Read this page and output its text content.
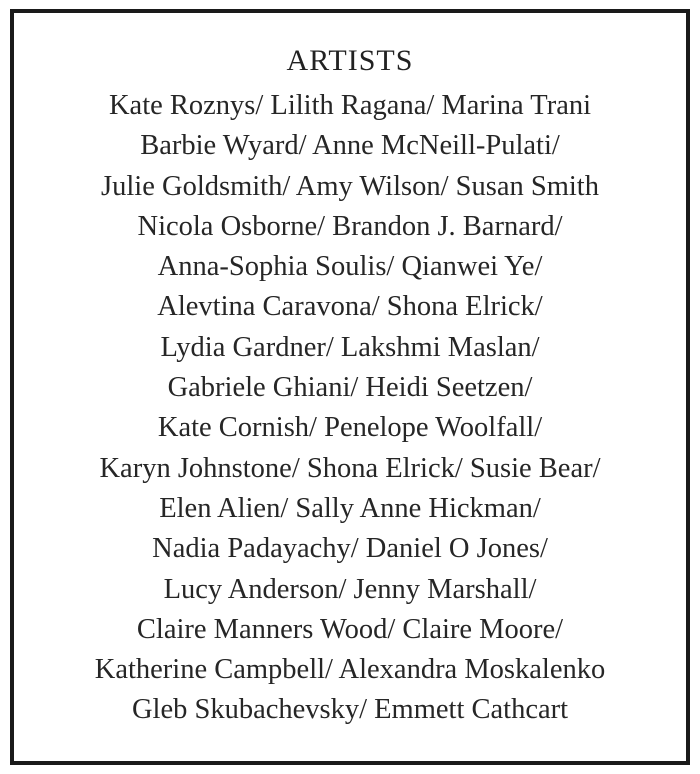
ARTISTS
Kate Roznys/ Lilith Ragana/ Marina Trani
Barbie Wyard/ Anne McNeill-Pulati/
Julie Goldsmith/ Amy Wilson/ Susan Smith
Nicola Osborne/ Brandon J. Barnard/
Anna-Sophia Soulis/ Qianwei Ye/
Alevtina Caravona/ Shona Elrick/
Lydia Gardner/ Lakshmi Maslan/
Gabriele Ghiani/ Heidi Seetzen/
Kate Cornish/ Penelope Woolfall/
Karyn Johnstone/ Shona Elrick/ Susie Bear/
Elen Alien/ Sally Anne Hickman/
Nadia Padayachy/ Daniel O Jones/
Lucy Anderson/ Jenny Marshall/
Claire Manners Wood/ Claire Moore/
Katherine Campbell/ Alexandra Moskalenko
Gleb Skubachevsky/ Emmett Cathcart
